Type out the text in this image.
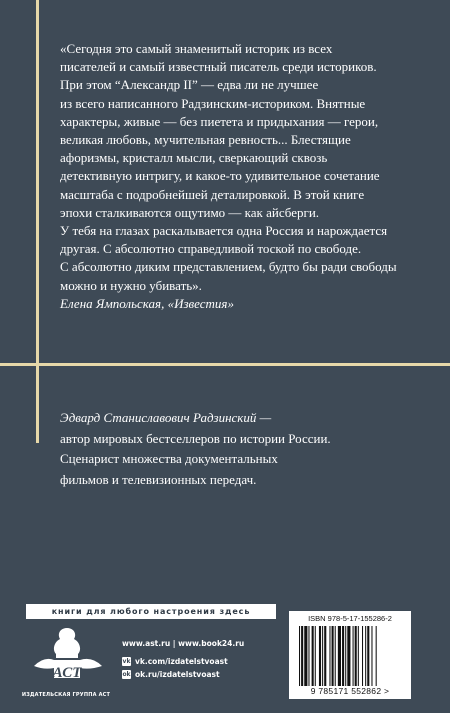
«Сегодня это самый знаменитый историк из всех

писателей и самый известный писатель среди историков.

При этом “Александр II” — едва ли не лучшее

из всего написанного Радзинским-историком. Внятные

характеры, живые — без пиетета и придыхания — герои,

великая любовь, мучительная ревность... Блестящие

афоризмы, кристалл мысли, сверкающий сквозь

детективную интригу, и какое-то удивительное сочетание

масштаба с подробнейшей деталировкой. В этой книге

эпохи сталкиваются ощутимо — как айсберги.

У тебя на глазах раскалывается одна Россия и нарождается

другая. С абсолютно справедливой тоской по свободе.

С абсолютно диким представлением, будто бы ради свободы

можно и нужно убивать».

Елена Ямпольская, «Известия»

Эдвард Станиславович Радзинский —

автор мировых бестселлеров по истории России.

Сценарист множества документальных

фильмов и телевизионных передач.

книги для любого настроения здесь
АСТ
ИЗДАТЕЛЬСКАЯ ГРУППА АСТ
www.ast.ru | www.book24.ru
vk vk.com/izdatelstvoast
ok ok.ru/izdatelstvoast
ISBN 978-5-17-155286-2
9 785171 552862 >
